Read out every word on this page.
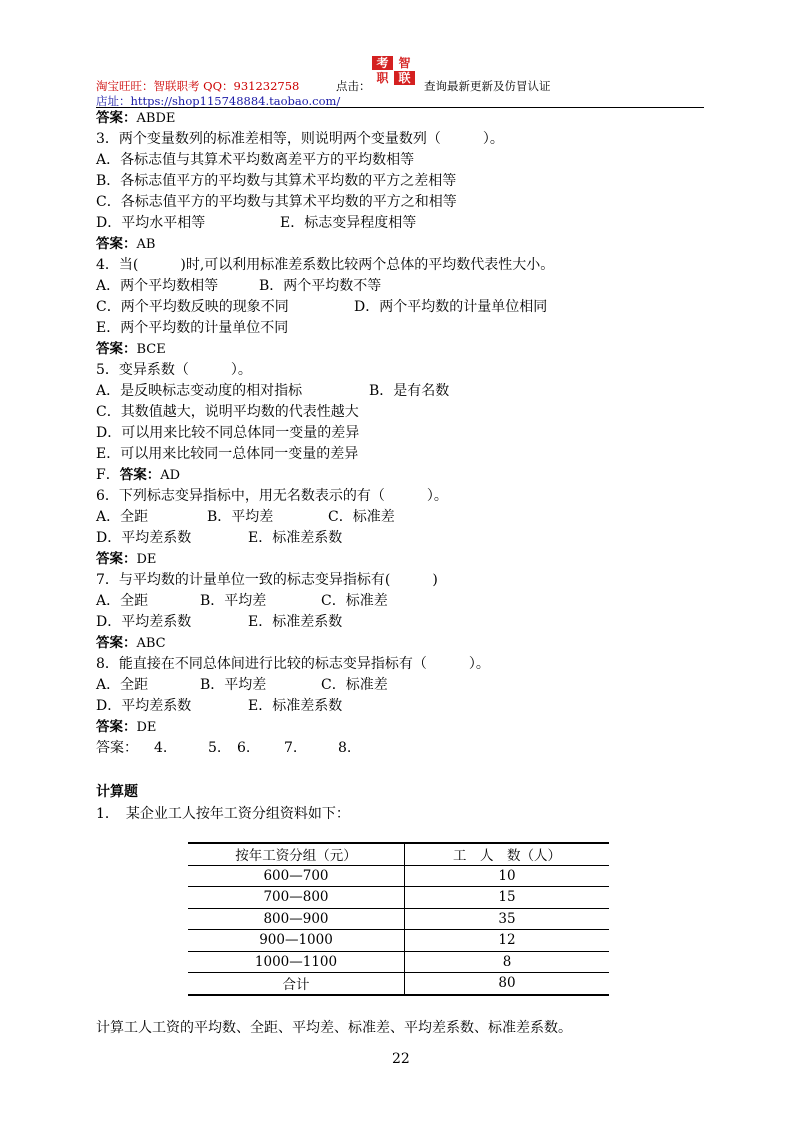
淘宝旺旺：智联职考 QQ：931232758
店址：https://shop115748884.taobao.com/
点击：
考 智
职 联
查询最新更新及仿冒认证
答案：ABDE
3．两个变量数列的标准差相等，则说明两个变量数列（　　　）。
A．各标志值与其算术平均数离差平方的平均数相等
B．各标志值平方的平均数与其算术平均数的平方之差相等
C．各标志值平方的平均数与其算术平均数的平方之和相等
D．平均水平相等	E．标志变异程度相等
答案：AB
4．当(　　　)时,可以利用标准差系数比较两个总体的平均数代表性大小。
A．两个平均数相等	B．两个平均数不等
C．两个平均数反映的现象不同	D．两个平均数的计量单位相同
E．两个平均数的计量单位不同
答案：BCE
5．变异系数（　　　）。
A．是反映标志变动度的相对指标	B．是有名数
C．其数值越大，说明平均数的代表性越大
D．可以用来比较不同总体同一变量的差异
E．可以用来比较同一总体同一变量的差异
F．答案：AD
6．下列标志变异指标中，用无名数表示的有（　　　）。
A．全距	B．平均差	C．标准差
D．平均差系数	E．标准差系数
答案：DE
7．与平均数的计量单位一致的标志变异指标有(　　　)
A．全距	B．平均差	C．标准差
D．平均差系数	E．标准差系数
答案：ABC
8．能直接在不同总体间进行比较的标志变异指标有（　　　）。
A．全距	B．平均差	C．标准差
D．平均差系数	E．标准差系数
答案：DE
答案： 4.	5. 6. 7.	8.
计算题
1．　某企业工人按年工资分组资料如下：
按年工资分组（元）	工　人　数（人）
600—700	10
700—800	15
800—900	35
900—1000	12
1000—1100	8
合计	80
计算工人工资的平均数、全距、平均差、标准差、平均差系数、标准差系数。
22
